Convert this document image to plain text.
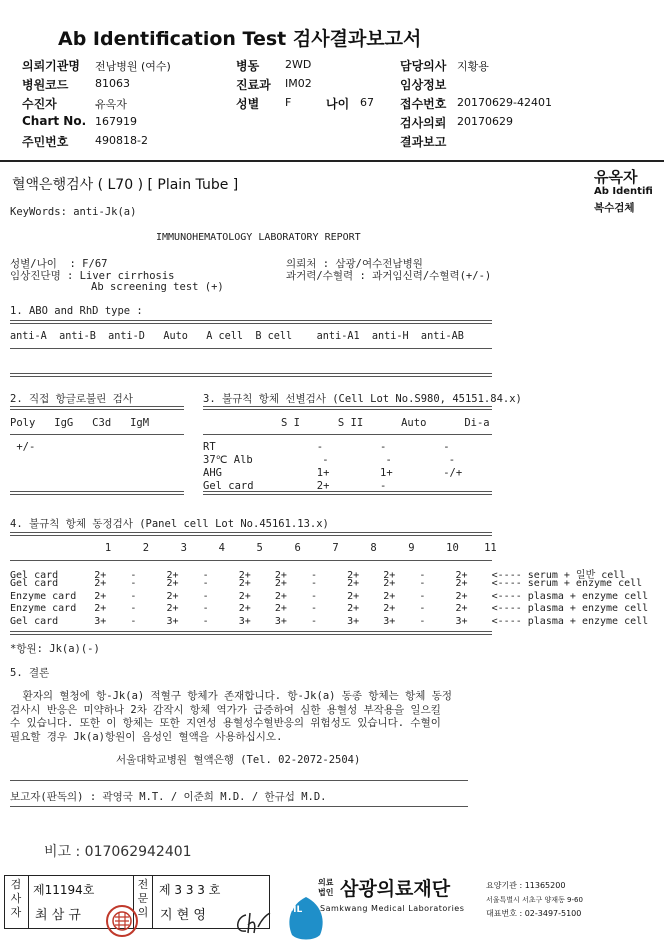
Ab Identification Test 검사결과보고서
의뢰기관명 전남병원 (여수)
병원코드 81063
수진자	유옥자
Chart No. 167919
주민번호 490818-2
병동 2WD
진료과 IM02
성별 F	나이 67
담당의사 지황용
임상정보
접수번호 20170629-42401
검사의뢰 20170629
결과보고
혈액은행검사 ( L70 ) [ Plain Tube ]	유옥자
Ab Identifi
복수검체
KeyWords: anti-Jk(a)
IMMUNOHEMATOLOGY LABORATORY REPORT
성별/나이  : F/67
임상진단명 : Liver cirrhosis
Ab screening test (+)
의뢰처 : 삼광/여수전남병원
과거력/수혈력 : 과거임신력/수혈력(+/-)
1. ABO and RhD type :
anti-A  anti-B  anti-D   Auto   A cell  B cell    anti-A1  anti-H  anti-AB
2. 직접 항글로불린 검사
Poly   IgG   C3d   IgM
+/-
3. 불규칙 항체 선별검사 (Cell Lot No.S980, 45151.84.x)
S I      S II      Auto      Di-a
RT                -         -         -
37℃ Alb           -         -         -
AHG               1+        1+        -/+
Gel card          2+        -
4. 불규칙 항체 동정검사 (Panel cell Lot No.45161.13.x)
1     2     3     4     5     6     7     8     9     10    11
Gel card      2+    -     2+    -     2+    2+    -     2+    2+    -     2+    <---- serum + 일반 cell
Gel card      2+    -     2+    -     2+    2+    -     2+    2+    -     2+    <---- serum + enzyme cell
Enzyme card   2+    -     2+    -     2+    2+    -     2+    2+    -     2+    <---- plasma + enzyme cell
Enzyme card   2+    -     2+    -     2+    2+    -     2+    2+    -     2+    <---- plasma + enzyme cell
Gel card      3+    -     3+    -     3+    3+    -     3+    3+    -     3+    <---- plasma + enzyme cell
*항원: Jk(a)(-)
5. 결론
환자의 혈청에 항-Jk(a) 적혈구 항체가 존재합니다. 항-Jk(a) 동종 항체는 항체 동정
검사시 반응은 미약하나 2차 감작시 항체 역가가 급증하여 심한 용혈성 부작용을 일으킬
수 있습니다. 또한 이 항체는 또한 지연성 용혈성수혈반응의 위험성도 있습니다. 수혈이
필요할 경우 Jk(a)항원이 음성인 혈액을 사용하십시오.
서울대학교병원 혈액은행 (Tel. 02-2072-2504)
보고자(판독의) : 곽영국 M.T. / 이준희 M.D. / 한규섭 M.D.
비고 : 017062942401
검사자
제11194호
최 삼 규

전문의
제 3 3 3 호
지 현 영

	SML
의료법인 삼광의료재단
Samkwang Medical Laboratories
요양기관 : 11365200
서울특별시 서초구 양재동 9-60
대표번호 : 02-3497-5100
